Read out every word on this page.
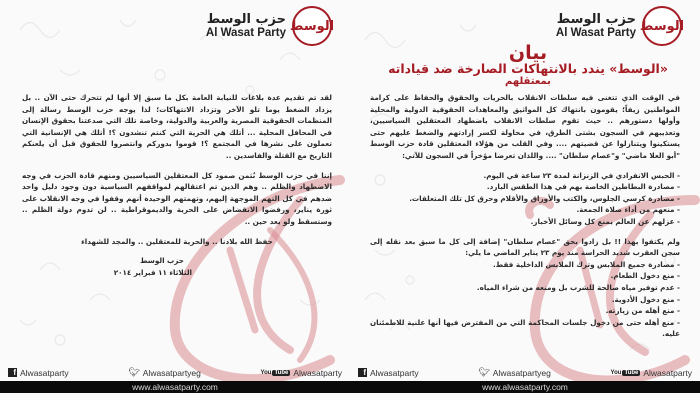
حزب الوسط
Al Wasat Party الوسط

لقد تم تقديم عدة بلاغات للنيابة العامة بكل ما سبق إلا أنها لم تتحرك حتى الآن .. بل يزداد الضغط يوما تلو الآخر وتزداد الانتهاكات؛ لذا يوجه حزب الوسط رسالة إلى المنظمات الحقوقية المصرية والعربية والدولية، وخاصة تلك التي صدعتنا بحقوق الإنسان في المحافل المحلية ... أتلك هي الحرية التي كنتم تنشدون ؟! أتلك هي الإنسانية التي تعملون على نشرها في المجتمع ؟! قوموا بدوركم وانتصروا للحقوق قبل أن يلعنكم التاريخ مع القتلة والفاسدين ..

إننا في حزب الوسط نُثمن صمود كل المعتقلين السياسيين ومنهم قادة الحزب في وجه الاضطهاد والظلم .. وهم الذين تم اعتقالهم لمواقفهم السياسية دون وجود دليل واحد ضدهم في كل التهم الموجهة إليهم، وتهمتهم الوحيدة أنهم وقفوا في وجه الانقلاب على ثورة يناير، ورفضوا الانقضاض على الحرية والديموقراطية .. لن تدوم دولة الظلم .. وستسقط ولو بعد حين ..

حفظ الله بلادنا .. والحرية للمعتقلين .. والمجد للشهداء

حزب الوسط
الثلاثاء ١١ فبراير ٢٠١٤
f Alwasatparty	🐦︎ Alwasatpartyeg	You Tube Alwasatparty
www.alwasatparty.com
حزب الوسط
Al Wasat Party الوسط
بيان
«الوسط» يندد بالانتهاكات الصارخة ضد قياداته
بمعتقلهم

في الوقت الذي تتغنى فيه سلطات الانقلاب بالحريات والحقوق والحفاظ على كرامة المواطنين زيفاً؛ يقومون بانتهاك كل المواثيق والمعاهدات الحقوقية الدولية والمحلية وأولها دستورهم .. حيث تقوم سلطات الانقلاب باضطهاد المعتقلين السياسيين، وتعذيبهم في السجون بشتى الطرق، في محاولة لكسر إرادتهم والضغط عليهم حتى يستكينوا ويتنازلوا عن قضيتهم .... وفي القلب من هؤلاء المعتقلين قادة حزب الوسط "أبو العلا ماضي" و"عصام سلطان" .... واللذان تعرضا مؤخراً في السجون للآتي:

- الحبس الانفرادي في الزنزانة لمدة ٢٣ ساعة في اليوم.
- مصادرة البطاطين الخاصة بهم في هذا الطقس البارد.
- مصادرة كرسي الجلوس، والكتب والأوراق والأقلام وحرق كل تلك المتعلقات.
- منعهم من أداء صلاة الجمعة.
- عزلهم عن العالم بمنع كل وسائل الأخبار.

ولم يكتفوا بهذا !! بل زادوا بحق "عصام سلطان" إضافة إلى كل ما سبق بعد نقله إلى سجن العقرب شديد الحراسة منذ يوم ٢٣ يناير الماضي ما يلي:

- مصادرة جميع الملابس وترك الملابس الداخلية فقط.
- منع دخول الطعام.
- عدم توفير مياه صالحة للشرب بل ومنعه من شراء المياه.
- منع دخول الأدوية.
- منع أهله من زيارته.
- منع أهله حتى من دخول جلسات المحاكمة التي من المفترض فيها أنها علنية للاطمئنان عليه.
f Alwasatparty	🐦︎ Alwasatpartyeg	You Tube Alwasatparty
www.alwasatparty.com
